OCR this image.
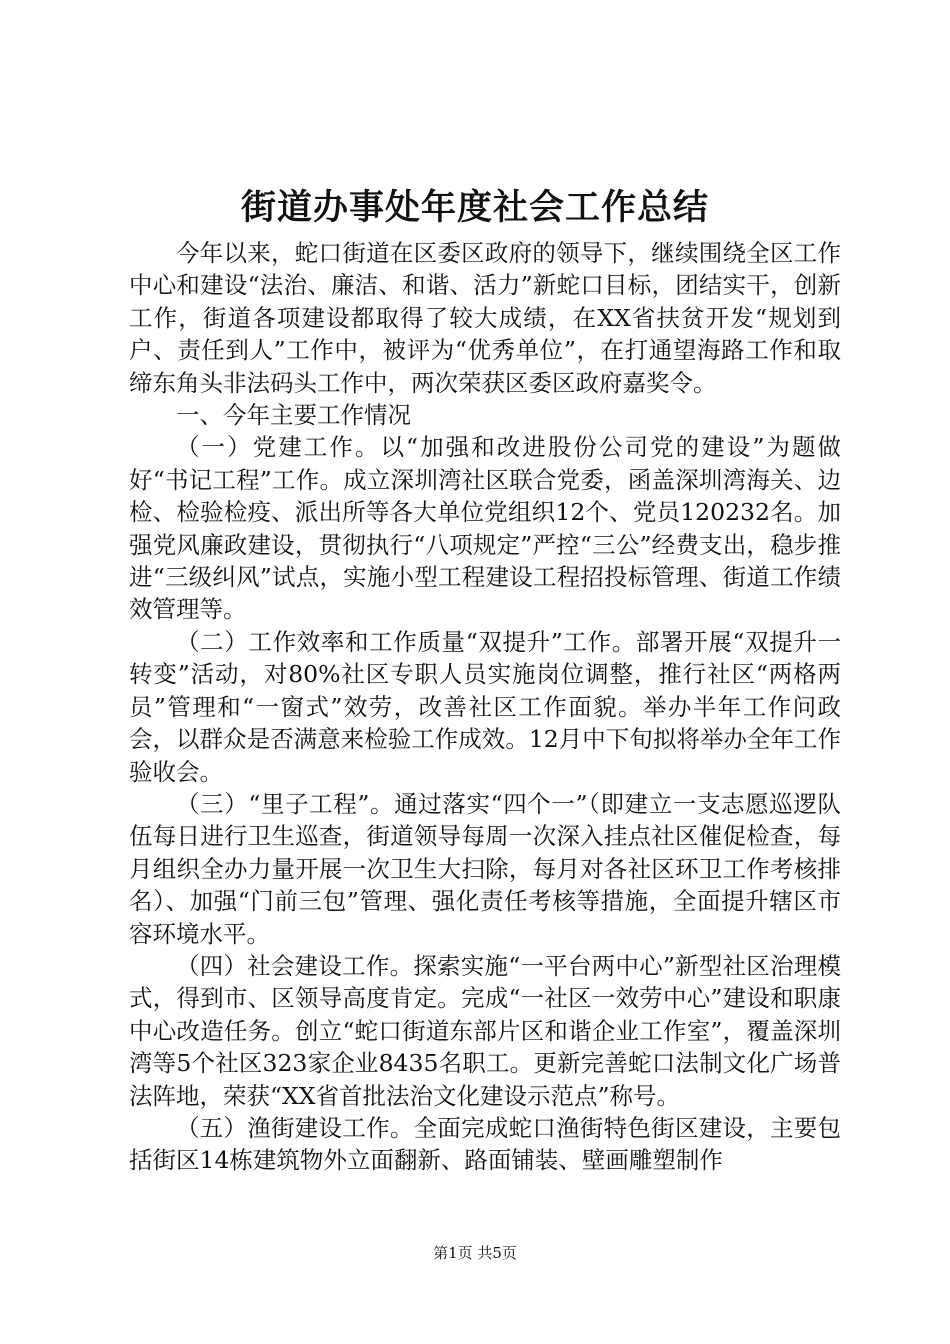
街道办事处年度社会工作总结

今年以来，蛇口街道在区委区政府的领导下，继续围绕全区工作中心和建设“法治、廉洁、和谐、活力”新蛇口目标，团结实干，创新工作，街道各项建设都取得了较大成绩，在XX省扶贫开发“规划到户、责任到人”工作中，被评为“优秀单位”，在打通望海路工作和取缔东角头非法码头工作中，两次荣获区委区政府嘉奖令。

一、今年主要工作情况

（一）党建工作。以“加强和改进股份公司党的建设”为题做好“书记工程”工作。成立深圳湾社区联合党委，函盖深圳湾海关、边检、检验检疫、派出所等各大单位党组织12个、党员120232名。加强党风廉政建设，贯彻执行“八项规定”严控“三公”经费支出，稳步推进“三级纠风”试点，实施小型工程建设工程招投标管理、街道工作绩效管理等。

（二）工作效率和工作质量“双提升”工作。部署开展“双提升一转变”活动，对80%社区专职人员实施岗位调整，推行社区“两格两员”管理和“一窗式”效劳，改善社区工作面貌。举办半年工作问政会，以群众是否满意来检验工作成效。12月中下旬拟将举办全年工作验收会。

（三）“里子工程”。通过落实“四个一”（即建立一支志愿巡逻队伍每日进行卫生巡查，街道领导每周一次深入挂点社区催促检查，每月组织全办力量开展一次卫生大扫除，每月对各社区环卫工作考核排名）、加强“门前三包”管理、强化责任考核等措施，全面提升辖区市容环境水平。

（四）社会建设工作。探索实施“一平台两中心”新型社区治理模式，得到市、区领导高度肯定。完成“一社区一效劳中心”建设和职康中心改造任务。创立“蛇口街道东部片区和谐企业工作室”，覆盖深圳湾等5个社区323家企业8435名职工。更新完善蛇口法制文化广场普法阵地，荣获“XX省首批法治文化建设示范点”称号。

（五）渔街建设工作。全面完成蛇口渔街特色街区建设，主要包括街区14栋建筑物外立面翻新、路面铺装、壁画雕塑制作

第1页 共5页
